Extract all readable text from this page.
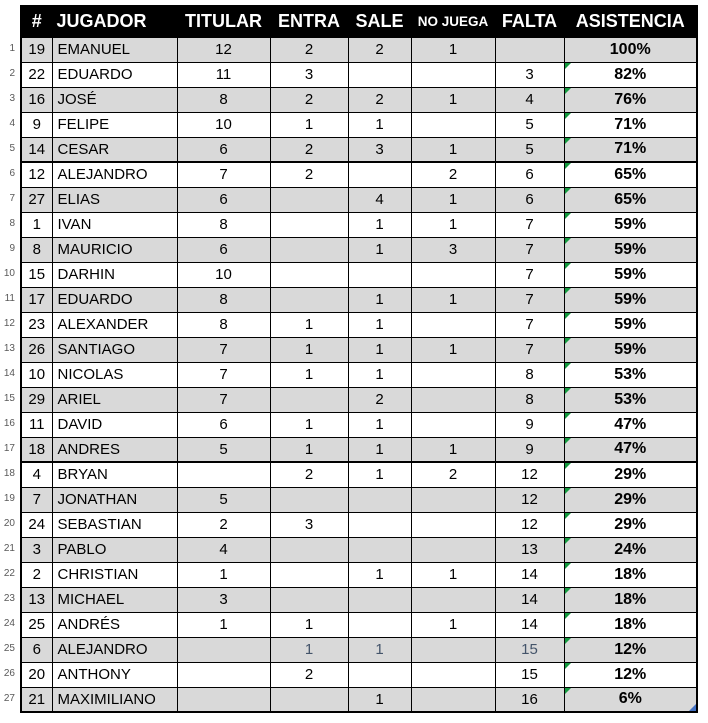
1
2
3
4
5
6
7
8
9
10
11
12
13
14
15
16
17
18
19
20
21
22
23
24
25
26
27
#	JUGADOR	TITULAR	ENTRA	SALE	NO JUEGA	FALTA	ASISTENCIA
19	EMANUEL	12	2	2	1		100%
22	EDUARDO	11	3			3	82%
16	JOSÉ	8	2	2	1	4	76%
9	FELIPE	10	1	1		5	71%
14	CESAR	6	2	3	1	5	71%
12	ALEJANDRO	7	2		2	6	65%
27	ELIAS	6		4	1	6	65%
1	IVAN	8		1	1	7	59%
8	MAURICIO	6		1	3	7	59%
15	DARHIN	10				7	59%
17	EDUARDO	8		1	1	7	59%
23	ALEXANDER	8	1	1		7	59%
26	SANTIAGO	7	1	1	1	7	59%
10	NICOLAS	7	1	1		8	53%
29	ARIEL	7		2		8	53%
11	DAVID	6	1	1		9	47%
18	ANDRES	5	1	1	1	9	47%
4	BRYAN		2	1	2	12	29%
7	JONATHAN	5				12	29%
24	SEBASTIAN	2	3			12	29%
3	PABLO	4				13	24%
2	CHRISTIAN	1		1	1	14	18%
13	MICHAEL	3				14	18%
25	ANDRÉS	1	1		1	14	18%
6	ALEJANDRO		1	1		15	12%
20	ANTHONY		2			15	12%
21	MAXIMILIANO			1		16	6%
